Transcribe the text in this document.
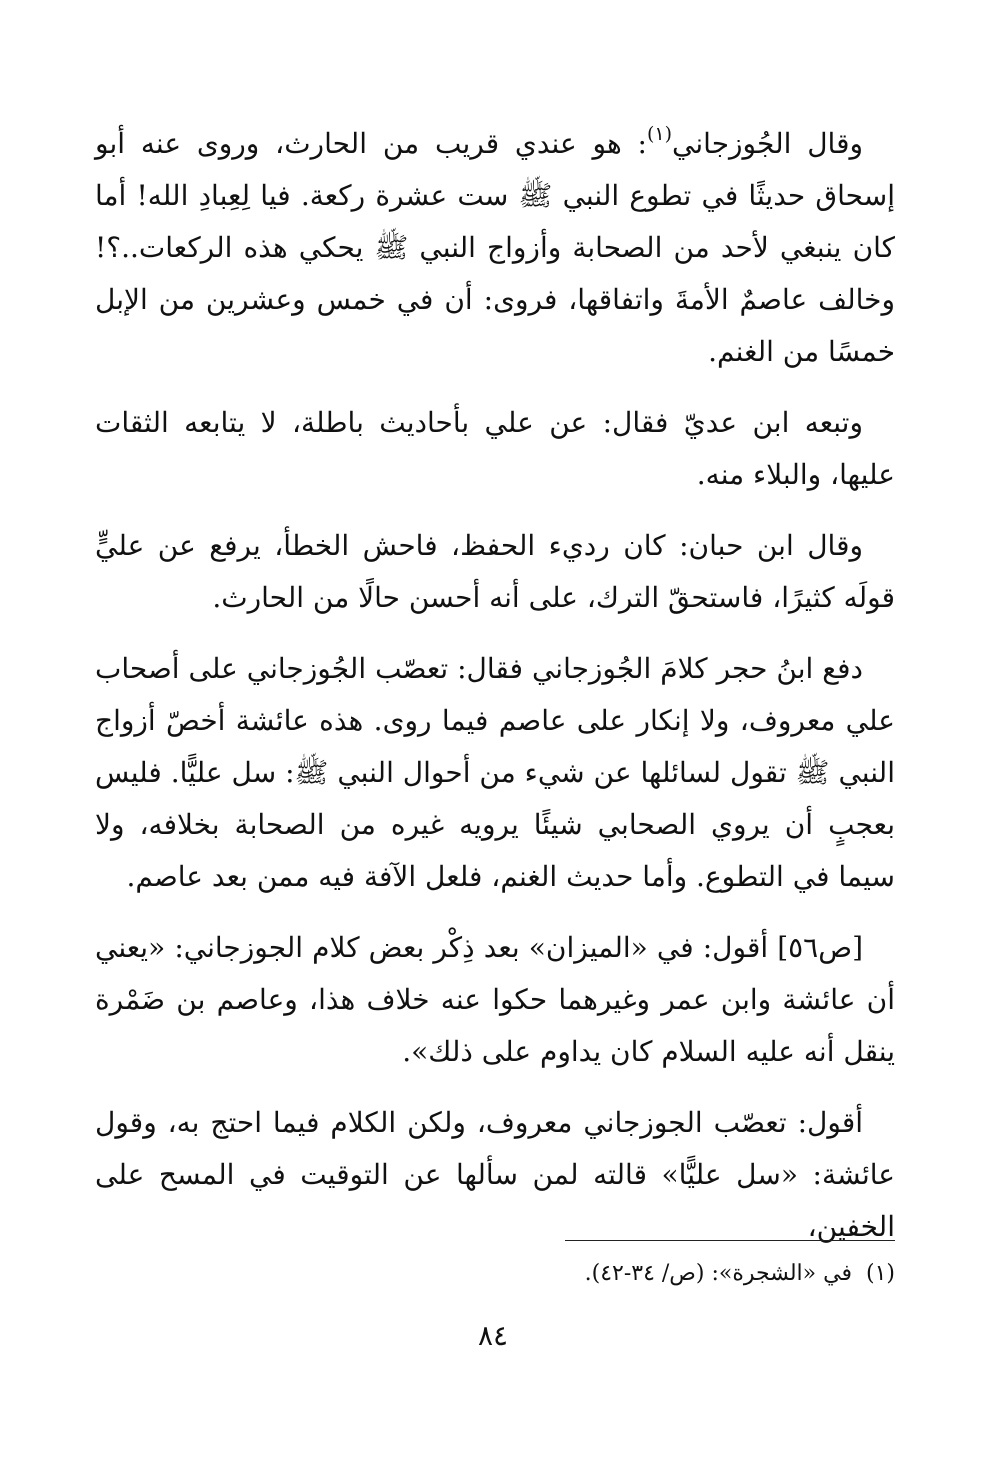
وقال الجُوزجاني$^{(١)}$: هو عندي قريب من الحارث، وروى عنه أبو إسحاق حديثًا في تطوع النبي ﷺ ست عشرة ركعة. فيا لِعِبادِ الله! أما كان ينبغي لأحد من الصحابة وأزواج النبي ﷺ يحكي هذه الركعات..؟! وخالف عاصمٌ الأمةَ واتفاقها، فروى: أن في خمس وعشرين من الإبل خمسًا من الغنم.

وتبعه ابن عديّ فقال: عن علي بأحاديث باطلة، لا يتابعه الثقات عليها، والبلاء منه.

وقال ابن حبان: كان رديء الحفظ، فاحش الخطأ، يرفع عن عليٍّ قولَه كثيرًا، فاستحقّ الترك، على أنه أحسن حالًا من الحارث.

دفع ابنُ حجر كلامَ الجُوزجاني فقال: تعصّب الجُوزجاني على أصحاب علي معروف، ولا إنكار على عاصم فيما روى. هذه عائشة أخصّ أزواج النبي ﷺ تقول لسائلها عن شيء من أحوال النبي ﷺ: سل عليًّا. فليس بعجبٍ أن يروي الصحابي شيئًا يرويه غيره من الصحابة بخلافه، ولا سيما في التطوع. وأما حديث الغنم، فلعل الآفة فيه ممن بعد عاصم.

[ص٥٦] أقول: في «الميزان» بعد ذِكْر بعض كلام الجوزجاني: «يعني أن عائشة وابن عمر وغيرهما حكوا عنه خلاف هذا، وعاصم بن ضَمْرة ينقل أنه عليه السلام كان يداوم على ذلك».

أقول: تعصّب الجوزجاني معروف، ولكن الكلام فيما احتج به، وقول عائشة: «سل عليًّا» قالته لمن سألها عن التوقيت في المسح على الخفين،

(١)  في «الشجرة»: (ص/ ٣٤-٤٢).
٨٤
